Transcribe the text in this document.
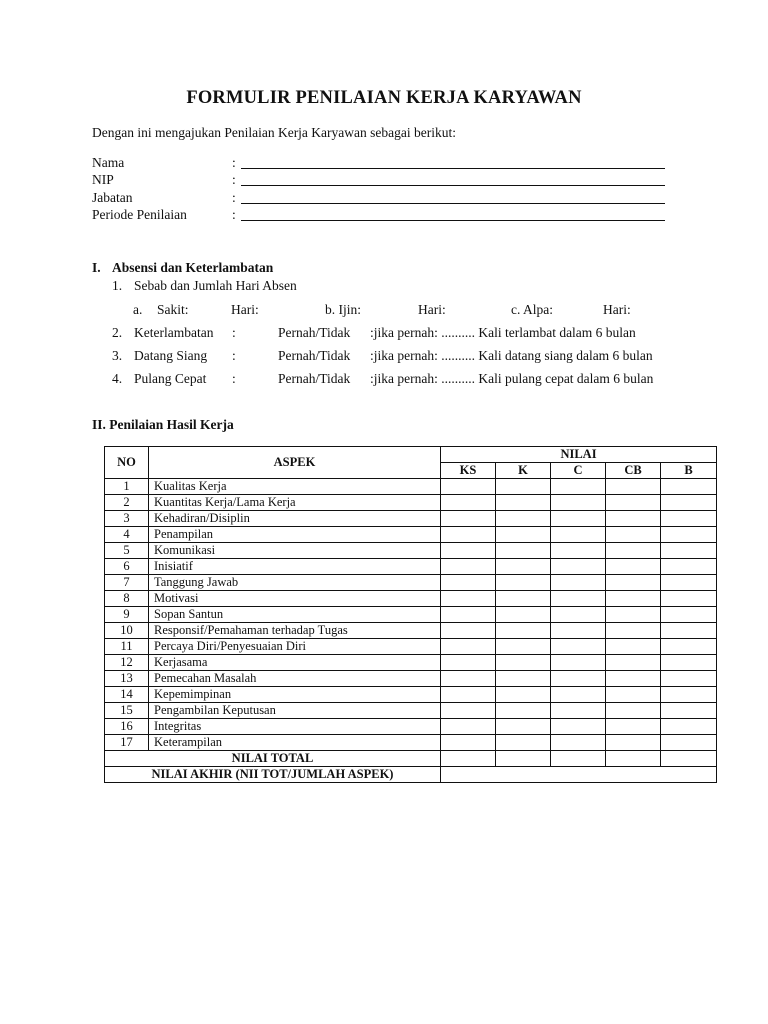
FORMULIR PENILAIAN KERJA KARYAWAN
Dengan ini mengajukan Penilaian Kerja Karyawan sebagai berikut:
Nama	:
NIP	:
Jabatan	:
Periode Penilaian	:
I. Absensi dan Keterlambatan
1. Sebab dan Jumlah Hari Absen
a. Sakit:	Hari:	b. Ijin:	Hari:	c. Alpa:	Hari:
2. Keterlambatan :	Pernah/Tidak :jika pernah: .......... Kali terlambat dalam 6 bulan
3. Datang Siang :	Pernah/Tidak :jika pernah: .......... Kali datang siang dalam 6 bulan
4. Pulang Cepat :	Pernah/Tidak :jika pernah: .......... Kali pulang cepat dalam 6 bulan
II. Penilaian Hasil Kerja
NO	ASPEK	NILAI				
		KS	K	C	CB	B
1	Kualitas Kerja					
2	Kuantitas Kerja/Lama Kerja					
3	Kehadiran/Disiplin					
4	Penampilan					
5	Komunikasi					
6	Inisiatif					
7	Tanggung Jawab					
8	Motivasi					
9	Sopan Santun					
10	Responsif/Pemahaman terhadap Tugas					
11	Percaya Diri/Penyesuaian Diri					
12	Kerjasama					
13	Pemecahan Masalah					
14	Kepemimpinan					
15	Pengambilan Keputusan					
16	Integritas					
17	Keterampilan					
NILAI TOTAL						
NILAI AKHIR (NII TOT/JUMLAH ASPEK)						
